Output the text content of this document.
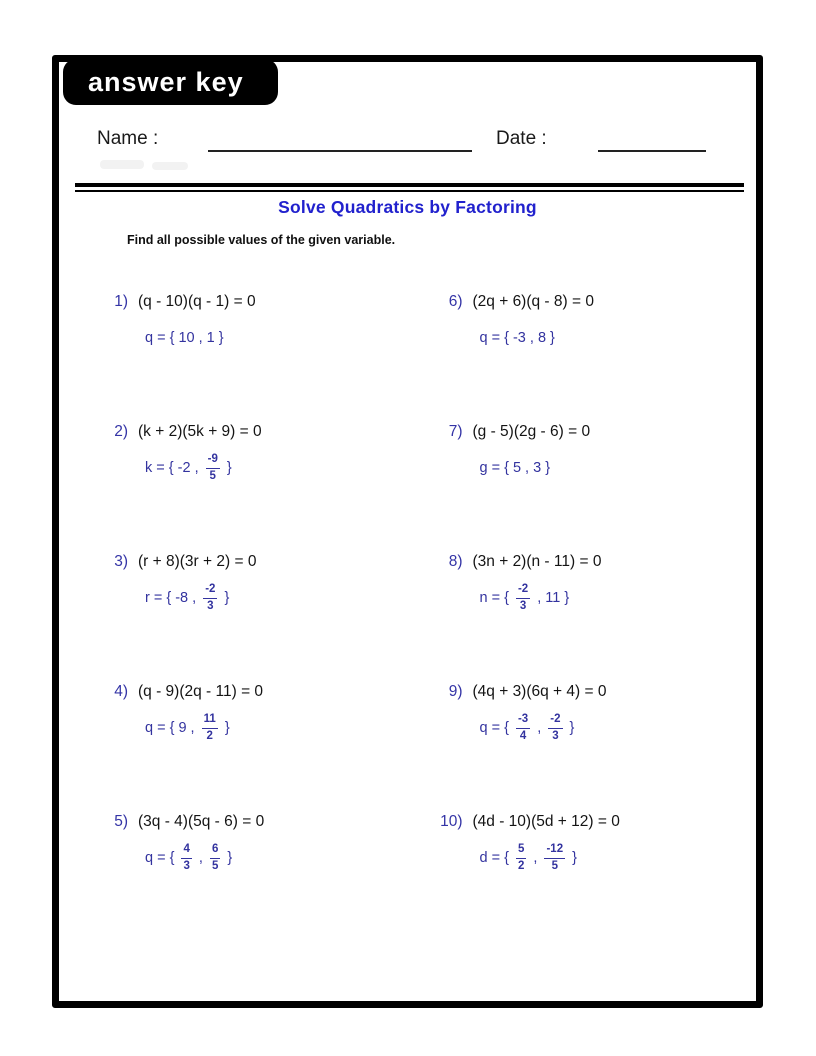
answer key
Name :	Date :
Solve Quadratics by Factoring
Find all possible values of the given variable.
1) (q - 10)(q - 1) = 0
q = { 10 , 1 }
2) (k + 2)(5k + 9) = 0
k = { -2 , $\frac{-9}{5}$ }
3) (r + 8)(3r + 2) = 0
r = { -8 , $\frac{-2}{3}$ }
4) (q - 9)(2q - 11) = 0
q = { 9 , $\frac{11}{2}$ }
5) (3q - 4)(5q - 6) = 0
q = { $\frac{4}{3}$ , $\frac{6}{5}$ }
6) (2q + 6)(q - 8) = 0
q = { -3 , 8 }
7) (g - 5)(2g - 6) = 0
g = { 5 , 3 }
8) (3n + 2)(n - 11) = 0
n = { $\frac{-2}{3}$ , 11 }
9) (4q + 3)(6q + 4) = 0
q = { $\frac{-3}{4}$ , $\frac{-2}{3}$ }
10) (4d - 10)(5d + 12) = 0
d = { $\frac{5}{2}$ , $\frac{-12}{5}$ }
